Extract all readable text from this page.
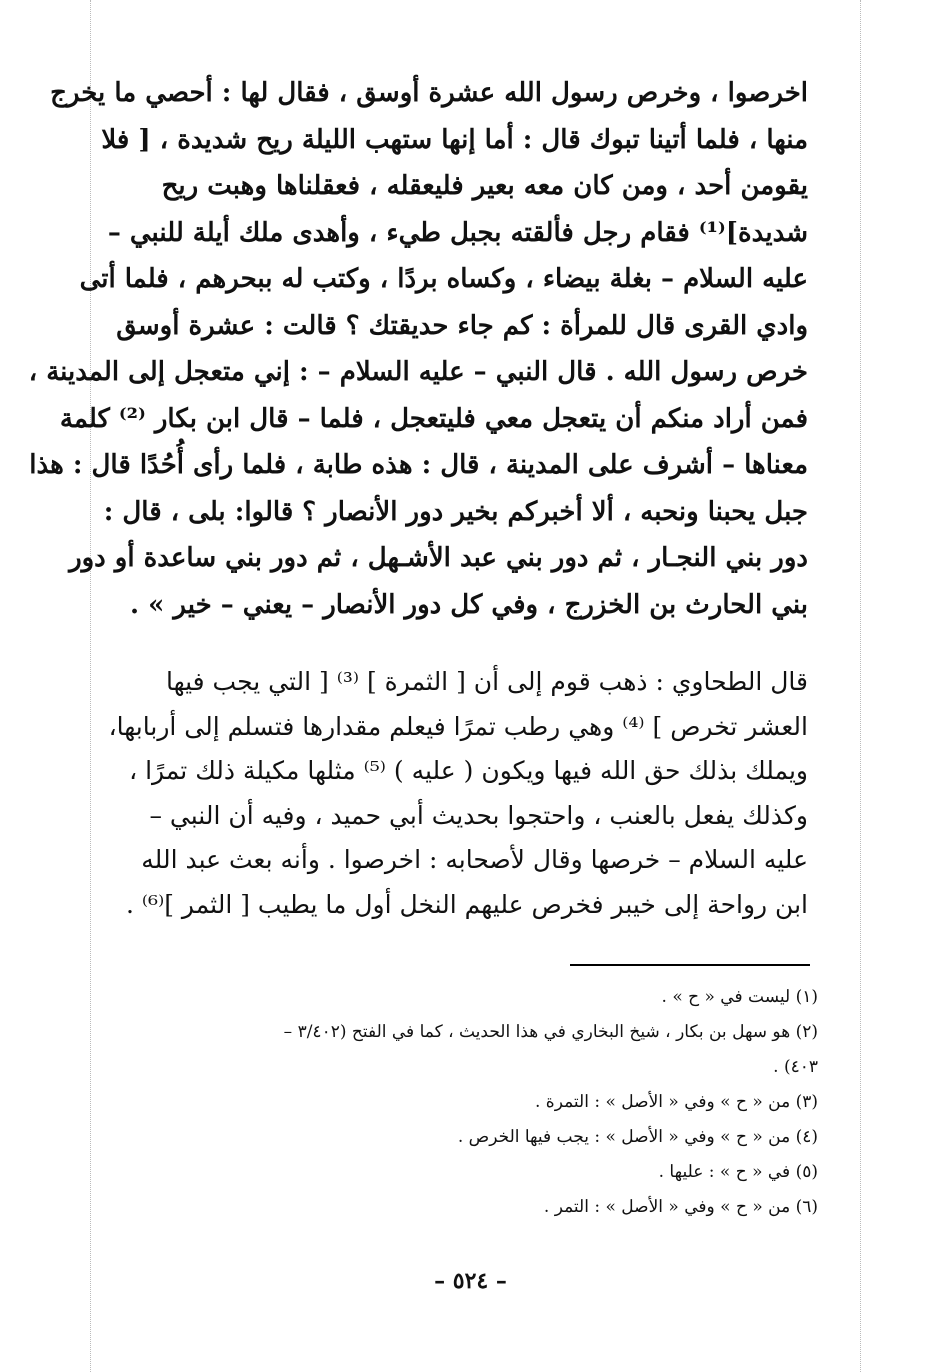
اخرصوا ، وخرص رسول الله عشرة أوسق ، فقال لها : أحصي ما يخرج
منها ، فلما أتينا تبوك قال : أما إنها ستهب الليلة ريح شديدة ، [ فلا
يقومن أحد ، ومن كان معه بعير فليعقله ، فعقلناها وهبت ريح
شديدة]⁽¹⁾ فقام رجل فألقته بجبل طيء ، وأهدى ملك أيلة للنبي –
عليه السلام – بغلة بيضاء ، وكساه بردًا ، وكتب له ببحرهم ، فلما أتى
وادي القرى قال للمرأة : كم جاء حديقتك ؟ قالت : عشرة أوسق
خرص رسول الله . قال النبي – عليه السلام – : إني متعجل إلى المدينة ،
فمن أراد منكم أن يتعجل معي فليتعجل ، فلما – قال ابن بكار ⁽²⁾ كلمة
معناها – أشرف على المدينة ، قال : هذه طابة ، فلما رأى أُحُدًا قال : هذا
جبل يحبنا ونحبه ، ألا أخبركم بخير دور الأنصار ؟ قالوا: بلى ، قال :
دور بني النجـار ، ثم دور بني عبد الأشـهل ، ثم دور بني ساعدة أو دور
بني الحارث بن الخزرج ، وفي كل دور الأنصار – يعني – خير » .
قال الطحاوي : ذهب قوم إلى أن [ الثمرة ] ⁽³⁾ [ التي يجب فيها
العشر تخرص ] ⁽⁴⁾ وهي رطب تمرًا فيعلم مقدارها فتسلم إلى أربابها،
ويملك بذلك حق الله فيها ويكون ( عليه ) ⁽⁵⁾ مثلها مكيلة ذلك تمرًا ،
وكذلك يفعل بالعنب ، واحتجوا بحديث أبي حميد ، وفيه أن النبي –
عليه السلام – خرصها وقال لأصحابه : اخرصوا . وأنه بعث عبد الله
ابن رواحة إلى خيبر فخرص عليهم النخل أول ما يطيب [ الثمر ]⁽⁶⁾ .
(١) ليست في « ح » .
(٢) هو سهل بن بكار ، شيخ البخاري في هذا الحديث ، كما في الفتح (٣/٤٠٢ –
٤٠٣) .
(٣) من « ح » وفي « الأصل » : التمرة .
(٤) من « ح » وفي « الأصل » : يجب فيها الخرص .
(٥) في « ح » : عليها .
(٦) من « ح » وفي « الأصل » : التمر .
– ٥٢٤ –
